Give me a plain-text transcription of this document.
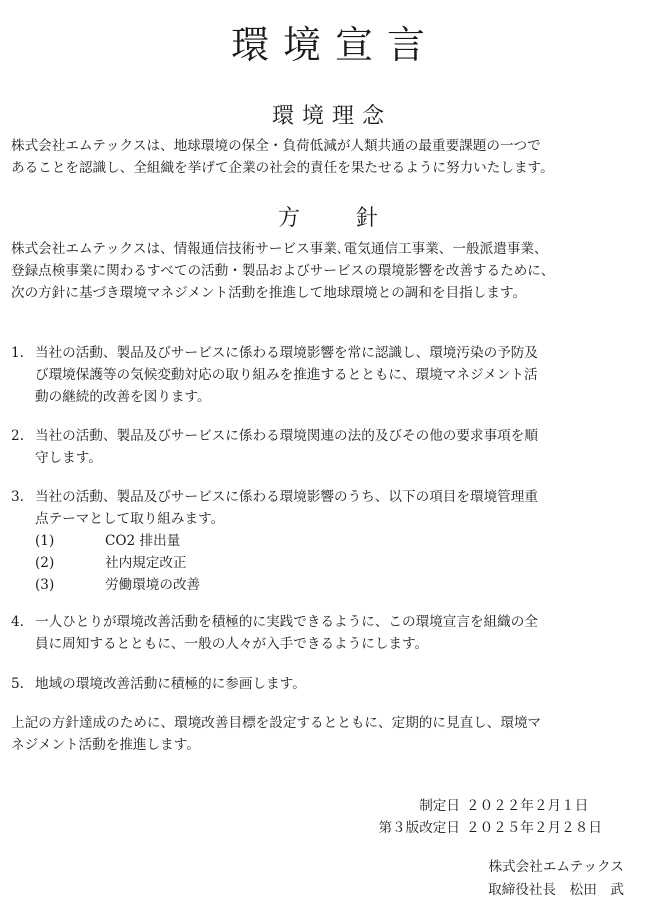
環境宣言
環境理念

株式会社エムテックスは、地球環境の保全・負荷低減が人類共通の最重要課題の一つで
あることを認識し、全組織を挙げて企業の社会的責任を果たせるように努力いたします。

方針

株式会社エムテックスは、情報通信技術サービス事業､電気通信工事業、一般派遣事業、
登録点検事業に関わるすべての活動・製品およびサービスの環境影響を改善するために、
次の方針に基づき環境マネジメント活動を推進して地球環境との調和を目指します。

1. 当社の活動、製品及びサービスに係わる環境影響を常に認識し、環境汚染の予防及
び環境保護等の気候変動対応の取り組みを推進するとともに、環境マネジメント活
動の継続的改善を図ります。
2. 当社の活動、製品及びサービスに係わる環境関連の法的及びその他の要求事項を順
守します。
3. 当社の活動、製品及びサービスに係わる環境影響のうち、以下の項目を環境管理重
点テーマとして取り組みます。
(1)	CO2 排出量
(2)	社内規定改正
(3)	労働環境の改善
4. 一人ひとりが環境改善活動を積極的に実践できるように、この環境宣言を組織の全
員に周知するとともに、一般の人々が入手できるようにします。
5. 地域の環境改善活動に積極的に参画します。

上記の方針達成のために、環境改善目標を設定するとともに、定期的に見直し、環境マ
ネジメント活動を推進します。

制定日 ２０２２年２月１日
第３版改定日 ２０２５年２月２８日
株式会社エムテックス
取締役社長　松田　武
